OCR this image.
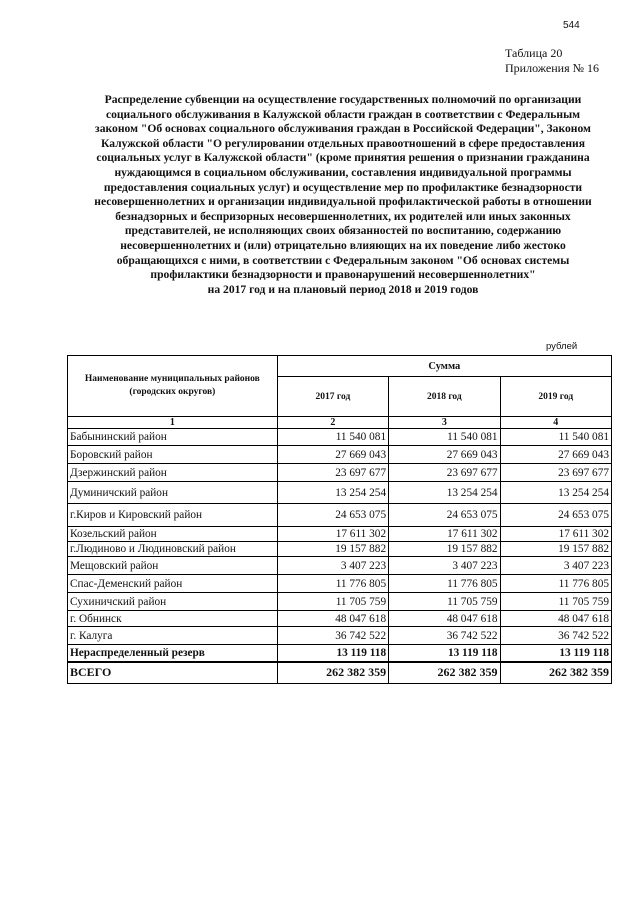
544
Таблица 20
Приложения № 16
Распределение субвенции на осуществление государственных полномочий по организации
социального обслуживания в Калужской области граждан в соответствии с Федеральным
законом "Об основах социального обслуживания граждан в Российской Федерации", Законом
Калужской области "О регулировании отдельных правоотношений в сфере предоставления
социальных услуг в Калужской области" (кроме принятия решения о признании гражданина
нуждающимся в социальном обслуживании, составления индивидуальной программы
предоставления социальных услуг) и осуществление мер по профилактике безнадзорности
несовершеннолетних и организации индивидуальной профилактической работы в отношении
безнадзорных и беспризорных несовершеннолетних, их родителей или иных законных
представителей, не исполняющих своих обязанностей по воспитанию, содержанию
несовершеннолетних и (или) отрицательно влияющих на их поведение либо жестоко
обращающихся с ними, в соответствии с Федеральным законом "Об основах системы
профилактики безнадзорности и правонарушений несовершеннолетних"
на 2017 год и на плановый период 2018 и 2019 годов
рублей
Наименование муниципальных районов (городских округов)	Сумма		
	2017 год	2018 год	2019 год
1	2	3	4
Бабынинский район	11 540 081	11 540 081	11 540 081
Боровский район	27 669 043	27 669 043	27 669 043
Дзержинский район	23 697 677	23 697 677	23 697 677
Думиничский район	13 254 254	13 254 254	13 254 254
г.Киров и Кировский район	24 653 075	24 653 075	24 653 075
Козельский район	17 611 302	17 611 302	17 611 302
г.Людиново и Людиновский район	19 157 882	19 157 882	19 157 882
Мещовский район	3 407 223	3 407 223	3 407 223
Спас-Деменский район	11 776 805	11 776 805	11 776 805
Сухиничский район	11 705 759	11 705 759	11 705 759
г. Обнинск	48 047 618	48 047 618	48 047 618
г. Калуга	36 742 522	36 742 522	36 742 522
Нераспределенный резерв	13 119 118	13 119 118	13 119 118
ВСЕГО	262 382 359	262 382 359	262 382 359
